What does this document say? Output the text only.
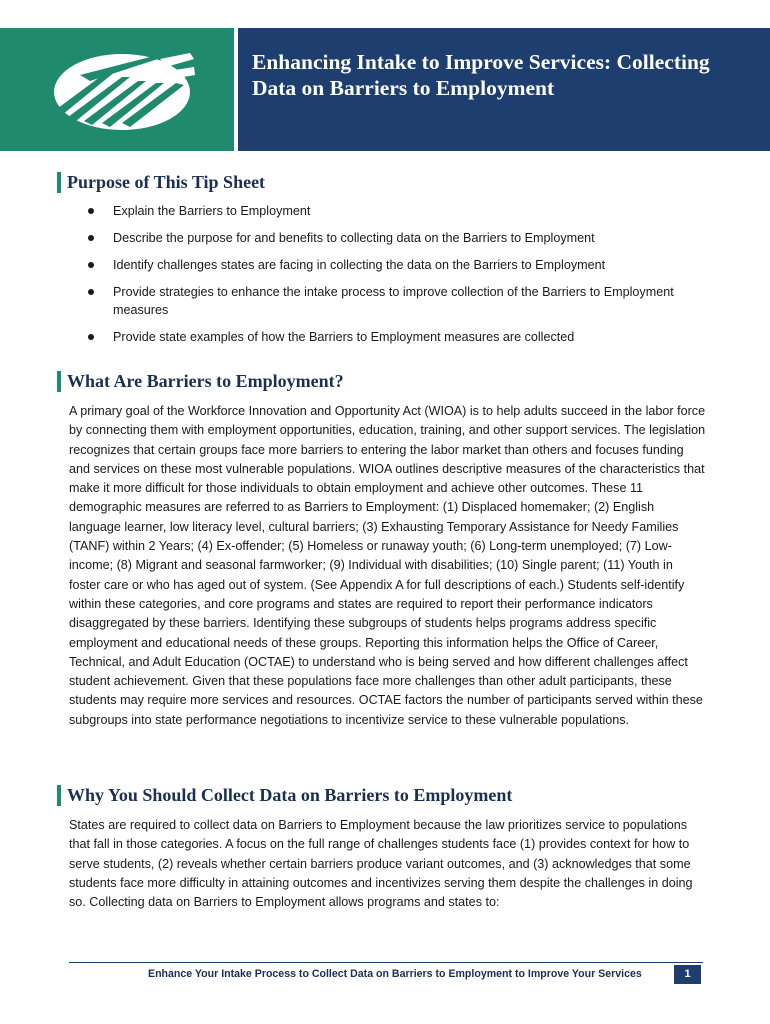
Enhancing Intake to Improve Services: Collecting Data on Barriers to Employment
Purpose of This Tip Sheet
Explain the Barriers to Employment
Describe the purpose for and benefits to collecting data on the Barriers to Employment
Identify challenges states are facing in collecting the data on the Barriers to Employment
Provide strategies to enhance the intake process to improve collection of the Barriers to Employment measures
Provide state examples of how the Barriers to Employment measures are collected
What Are Barriers to Employment?

A primary goal of the Workforce Innovation and Opportunity Act (WIOA) is to help adults succeed in the labor force by connecting them with employment opportunities, education, training, and other support services. The legislation recognizes that certain groups face more barriers to entering the labor market than others and focuses funding and services on these most vulnerable populations. WIOA outlines descriptive measures of the characteristics that make it more difficult for those individuals to obtain employment and achieve other outcomes. These 11 demographic measures are referred to as Barriers to Employment: (1) Displaced homemaker; (2) English language learner, low literacy level, cultural barriers; (3) Exhausting Temporary Assistance for Needy Families (TANF) within 2 Years; (4) Ex-offender; (5) Homeless or runaway youth; (6) Long-term unemployed; (7) Low-income; (8) Migrant and seasonal farmworker; (9) Individual with disabilities; (10) Single parent; (11) Youth in foster care or who has aged out of system. (See Appendix A for full descriptions of each.) Students self-identify within these categories, and core programs and states are required to report their performance indicators disaggregated by these barriers. Identifying these subgroups of students helps programs address specific employment and educational needs of these groups. Reporting this information helps the Office of Career, Technical, and Adult Education (OCTAE) to understand who is being served and how different challenges affect student achievement. Given that these populations face more challenges than other adult participants, these students may require more services and resources. OCTAE factors the number of participants served within these subgroups into state performance negotiations to incentivize service to these vulnerable populations.

Why You Should Collect Data on Barriers to Employment

States are required to collect data on Barriers to Employment because the law prioritizes service to populations that fall in those categories. A focus on the full range of challenges students face (1) provides context for how to serve students, (2) reveals whether certain barriers produce variant outcomes, and (3) acknowledges that some students face more difficulty in attaining outcomes and incentivizes serving them despite the challenges in doing so. Collecting data on Barriers to Employment allows programs and states to:

Enhance Your Intake Process to Collect Data on Barriers to Employment to Improve Your Services	1
